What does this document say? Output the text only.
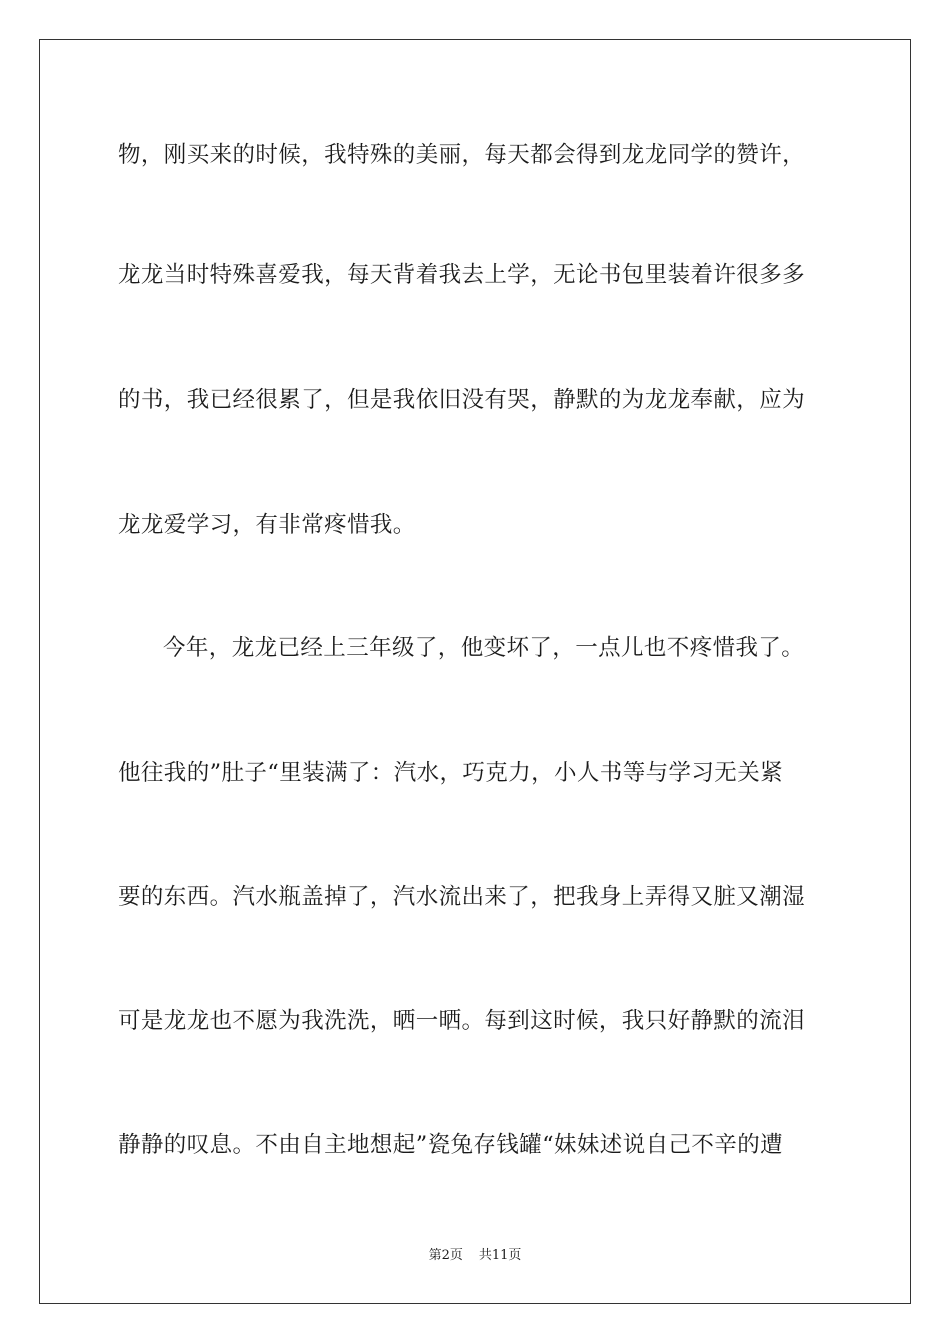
物，刚买来的时候，我特殊的美丽，每天都会得到龙龙同学的赞许，
龙龙当时特殊喜爱我，每天背着我去上学，无论书包里装着许很多多
的书，我已经很累了，但是我依旧没有哭，静默的为龙龙奉献，应为
龙龙爱学习，有非常疼惜我。
今年，龙龙已经上三年级了，他变坏了，一点儿也不疼惜我了。
他往我的”肚子“里装满了：汽水，巧克力，小人书等与学习无关紧
要的东西。汽水瓶盖掉了，汽水流出来了，把我身上弄得又脏又潮湿
可是龙龙也不愿为我洗洗，晒一晒。每到这时候，我只好静默的流泪
静静的叹息。不由自主地想起”瓷兔存钱罐“妹妹述说自己不辛的遭
第2页 共11页
